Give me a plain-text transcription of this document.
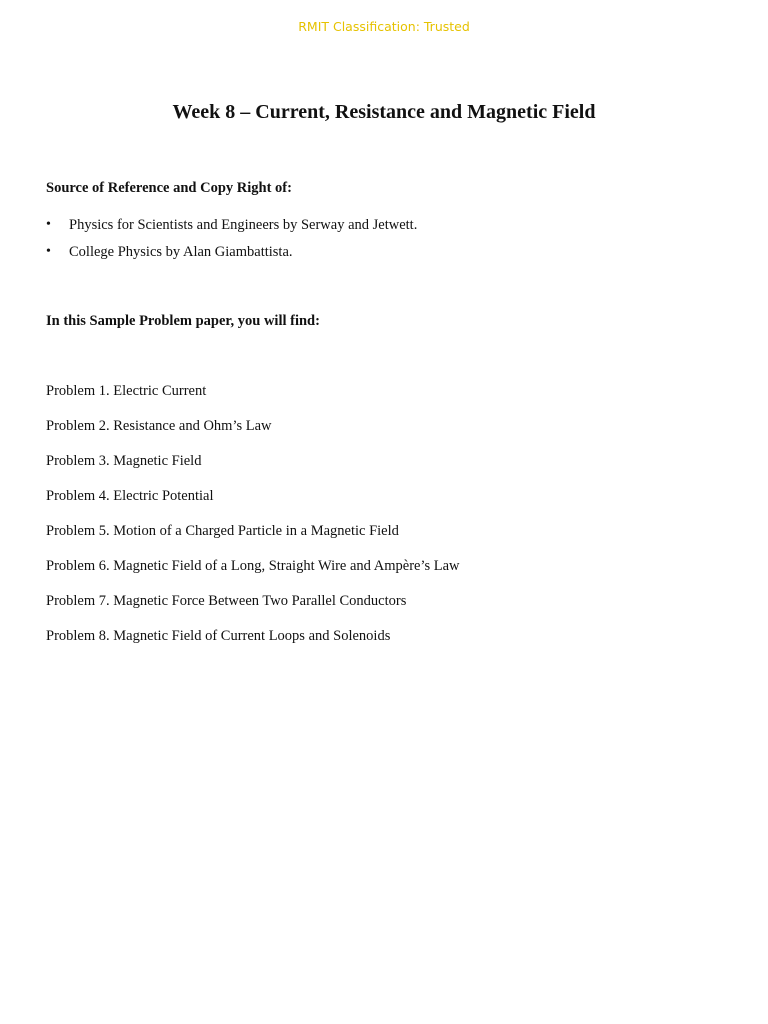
RMIT Classification: Trusted
Week 8 – Current, Resistance and Magnetic Field

Source of Reference and Copy Right of:

• Physics for Scientists and Engineers by Serway and Jetwett.
• College Physics by Alan Giambattista.

In this Sample Problem paper, you will find:

Problem 1. Electric Current
Problem 2. Resistance and Ohm’s Law
Problem 3. Magnetic Field
Problem 4. Electric Potential
Problem 5. Motion of a Charged Particle in a Magnetic Field
Problem 6. Magnetic Field of a Long, Straight Wire and Ampère’s Law
Problem 7. Magnetic Force Between Two Parallel Conductors
Problem 8. Magnetic Field of Current Loops and Solenoids
